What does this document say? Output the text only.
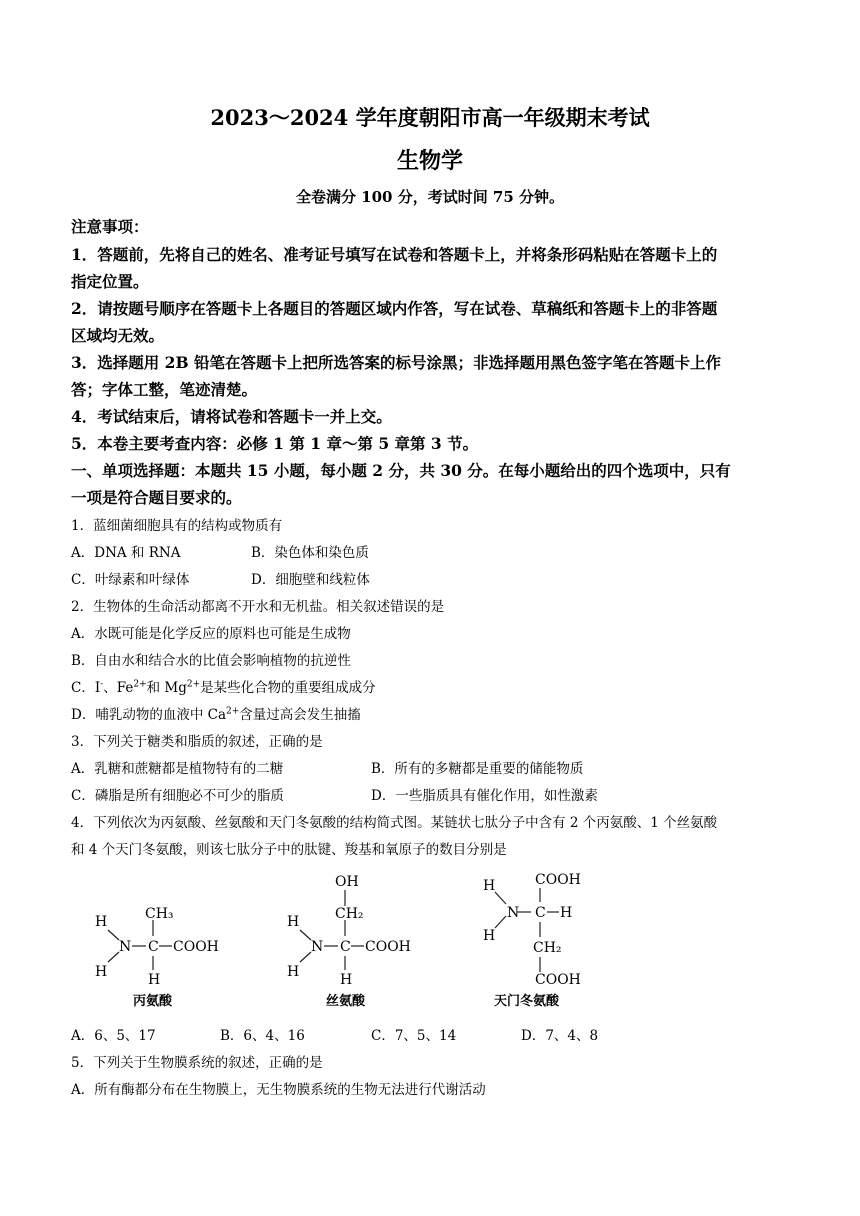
2023～2024 学年度朝阳市高一年级期末考试
生物学
全卷满分 100 分，考试时间 75 分钟。
注意事项：
1．答题前，先将自己的姓名、准考证号填写在试卷和答题卡上，并将条形码粘贴在答题卡上的
指定位置。
2．请按题号顺序在答题卡上各题目的答题区域内作答，写在试卷、草稿纸和答题卡上的非答题
区域均无效。
3．选择题用 2B 铅笔在答题卡上把所选答案的标号涂黑；非选择题用黑色签字笔在答题卡上作
答；字体工整，笔迹清楚。
4．考试结束后，请将试卷和答题卡一并上交。
5．本卷主要考查内容：必修 1 第 1 章～第 5 章第 3 节。
一、单项选择题：本题共 15 小题，每小题 2 分，共 30 分。在每小题给出的四个选项中，只有
一项是符合题目要求的。
1．蓝细菌细胞具有的结构或物质有
A．DNA 和 RNA	B．染色体和染色质
C．叶绿素和叶绿体	D．细胞壁和线粒体
2．生物体的生命活动都离不开水和无机盐。相关叙述错误的是
A．水既可能是化学反应的原料也可能是生成物
B．自由水和结合水的比值会影响植物的抗逆性
C．I-、$Fe^{2+}$和 $Mg^{2+}$是某些化合物的重要组成成分
D．哺乳动物的血液中 $Ca^{2+}$含量过高会发生抽搐
3．下列关于糖类和脂质的叙述，正确的是
A．乳糖和蔗糖都是植物特有的二糖	B．所有的多糖都是重要的储能物质
C．磷脂是所有细胞必不可少的脂质	D．一些脂质具有催化作用，如性激素
4．下列依次为丙氨酸、丝氨酸和天门冬氨酸的结构简式图。某链状七肽分子中含有 2 个丙氨酸、1 个丝氨酸
和 4 个天门冬氨酸，则该七肽分子中的肽键、羧基和氧原子的数目分别是
H
N
H
C COOH
CH₃
H
丙氨酸
OH
CH₂
H
N
H
C COOH
H
丝氨酸
COOH
H
N
H
C H
CH₂
COOH
天门冬氨酸
A．6、5、17	B．6、4、16	C．7、5、14	D．7、4、8
5．下列关于生物膜系统的叙述，正确的是
A．所有酶都分布在生物膜上，无生物膜系统的生物无法进行代谢活动
